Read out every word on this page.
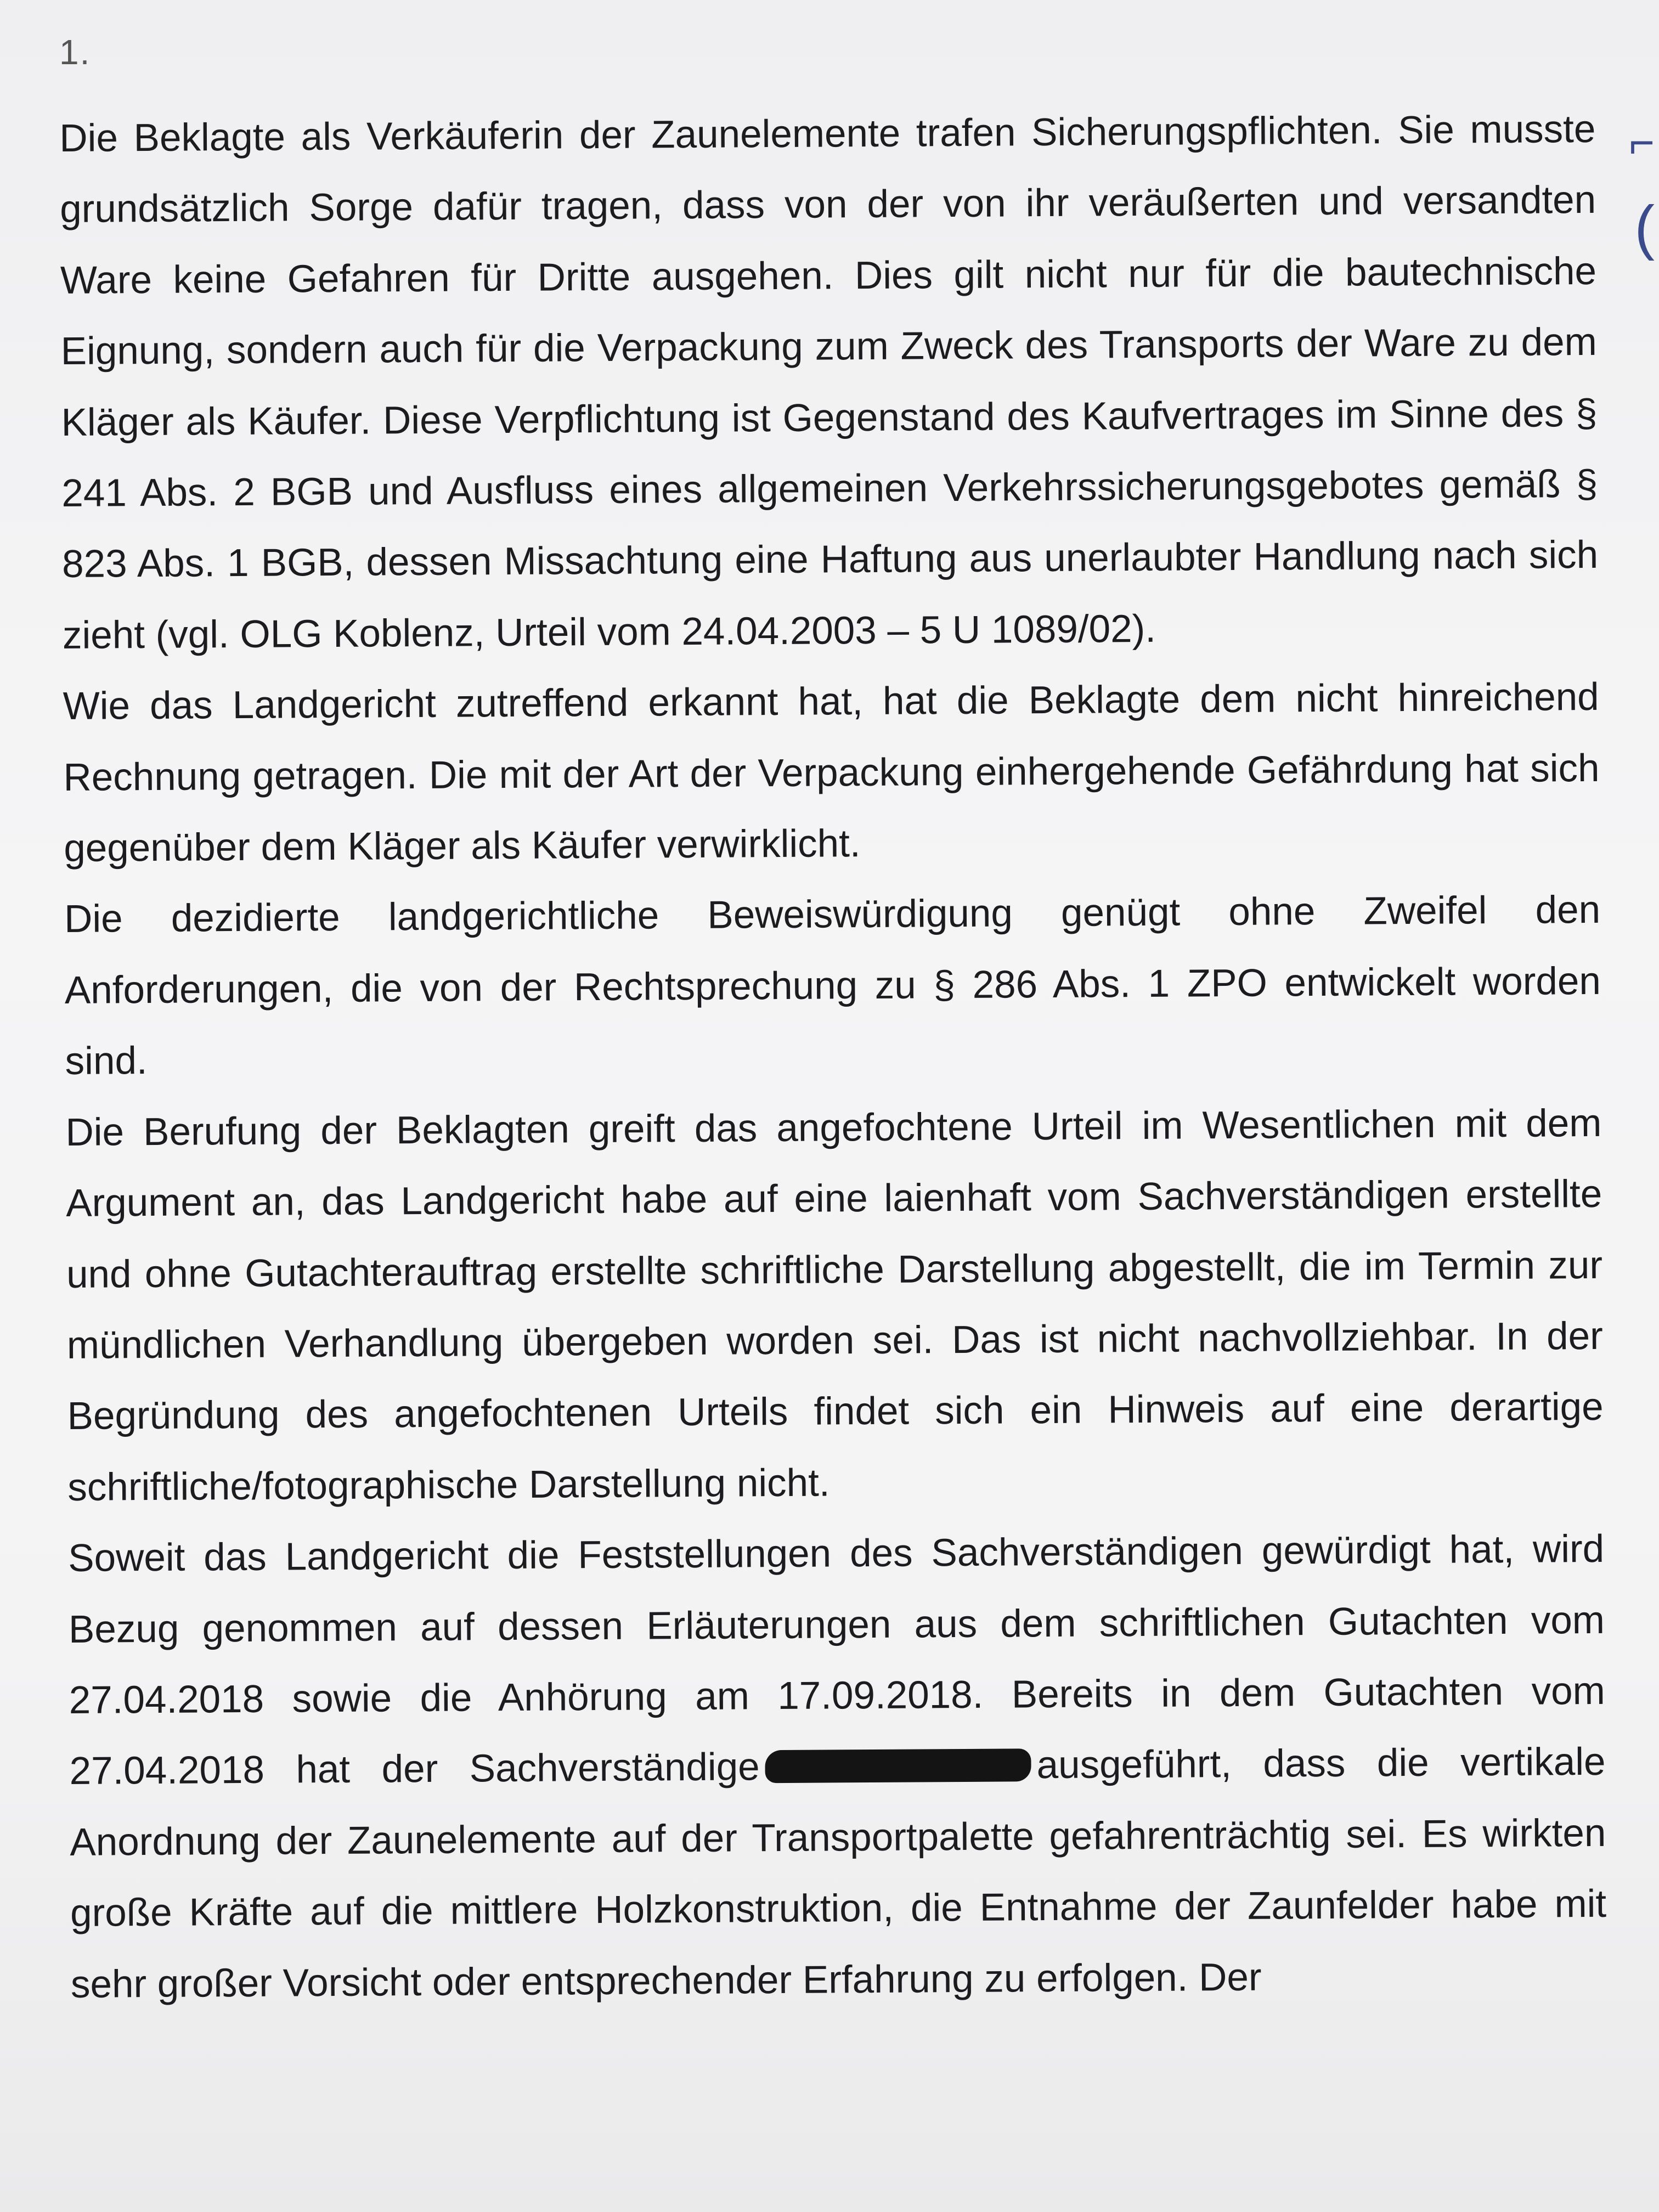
1.

Die Beklagte als Verkäuferin der Zaunelemente trafen Sicherungspflichten. Sie musste grundsätzlich Sorge dafür tragen, dass von der von ihr veräußerten und versandten Ware keine Gefahren für Dritte ausgehen. Dies gilt nicht nur für die bautechnische Eignung, sondern auch für die Verpackung zum Zweck des Transports der Ware zu dem Kläger als Käufer. Diese Verpflichtung ist Gegenstand des Kaufvertrages im Sinne des § 241 Abs. 2 BGB und Ausfluss eines allgemeinen Verkehrssicherungsgebotes gemäß § 823 Abs. 1 BGB, dessen Missachtung eine Haftung aus unerlaubter Handlung nach sich zieht (vgl. OLG Koblenz, Urteil vom 24.04.2003 – 5 U 1089/02).

Wie das Landgericht zutreffend erkannt hat, hat die Beklagte dem nicht hinreichend Rechnung getragen. Die mit der Art der Verpackung einhergehende Gefährdung hat sich gegenüber dem Kläger als Käufer verwirklicht.

Die dezidierte landgerichtliche Beweiswürdigung genügt ohne Zweifel den Anforderungen, die von der Rechtsprechung zu § 286 Abs. 1 ZPO entwickelt worden sind.

Die Berufung der Beklagten greift das angefochtene Urteil im Wesentlichen mit dem Argument an, das Landgericht habe auf eine laienhaft vom Sachverständigen erstellte und ohne Gutachterauftrag erstellte schriftliche Darstellung abgestellt, die im Termin zur mündlichen Verhandlung übergeben worden sei. Das ist nicht nachvollziehbar. In der Begründung des angefochtenen Urteils findet sich ein Hinweis auf eine derartige schriftliche/fotographische Darstellung nicht.

Soweit das Landgericht die Feststellungen des Sachverständigen gewürdigt hat, wird Bezug genommen auf dessen Erläuterungen aus dem schriftlichen Gutachten vom 27.04.2018 sowie die Anhörung am 17.09.2018. Bereits in dem Gutachten vom 27.04.2018 hat der Sachverständige	ausgeführt, dass die vertikale Anordnung der Zaunelemente auf der Transportpalette gefahrenträchtig sei. Es wirkten große Kräfte auf die mittlere Holzkonstruktion, die Entnahme der Zaunfelder habe mit sehr großer Vorsicht oder entsprechender Erfahrung zu erfolgen. Der

⌐
(
